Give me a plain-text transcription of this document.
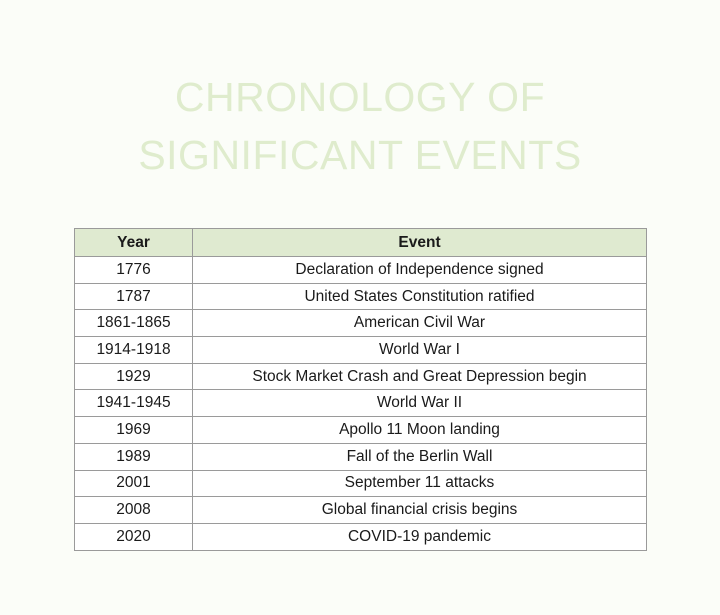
CHRONOLOGY OF
SIGNIFICANT EVENTS
Year	Event
1776	Declaration of Independence signed
1787	United States Constitution ratified
1861-1865	American Civil War
1914-1918	World War I
1929	Stock Market Crash and Great Depression begin
1941-1945	World War II
1969	Apollo 11 Moon landing
1989	Fall of the Berlin Wall
2001	September 11 attacks
2008	Global financial crisis begins
2020	COVID-19 pandemic
